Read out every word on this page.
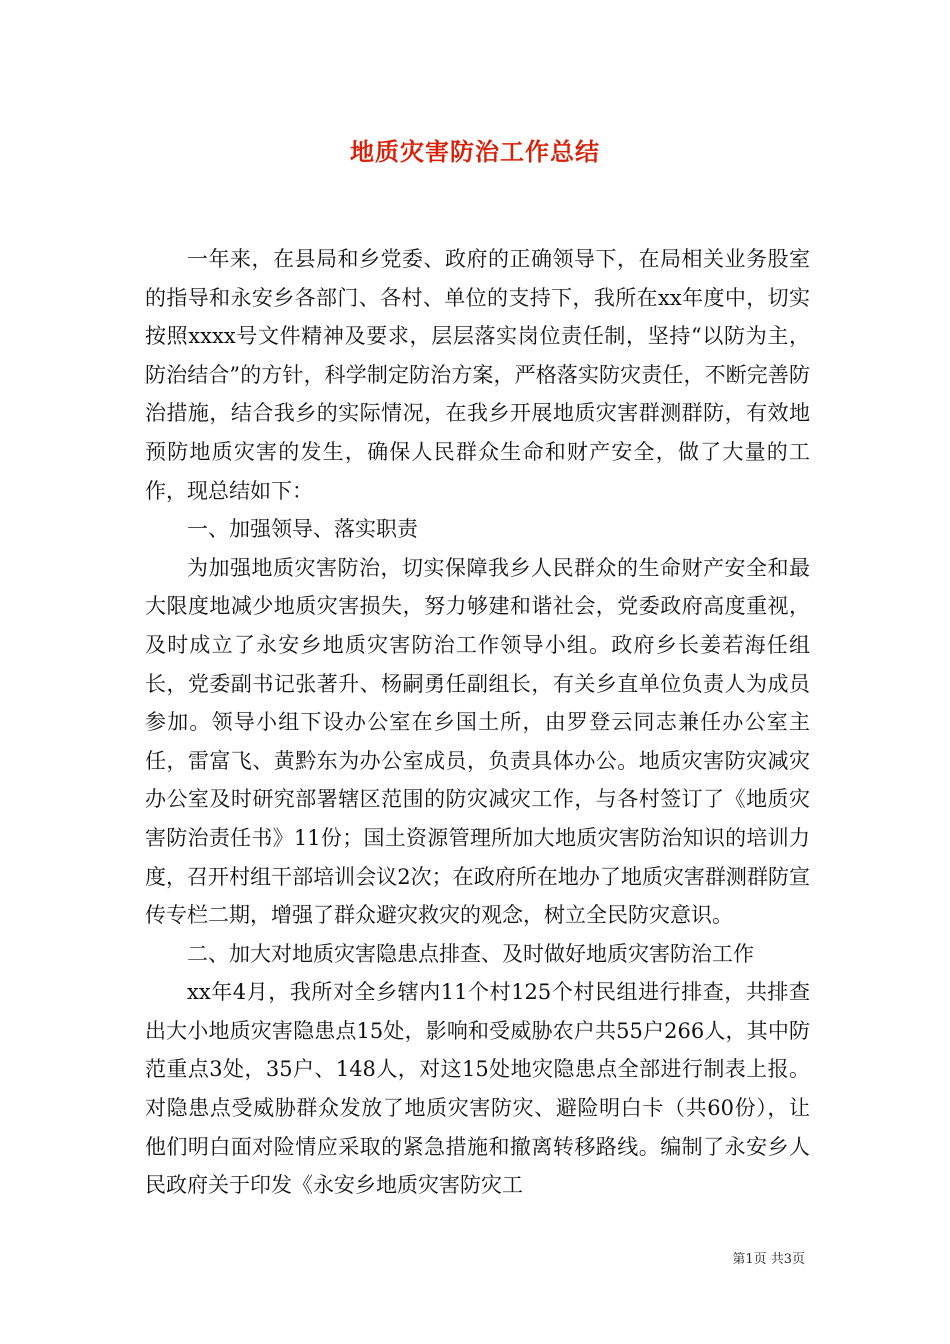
地质灾害防治工作总结

一年来，在县局和乡党委、政府的正确领导下，在局相关业务股室的指导和永安乡各部门、各村、单位的支持下，我所在xx年度中，切实按照xxxx号文件精神及要求，层层落实岗位责任制，坚持“以防为主，防治结合”的方针，科学制定防治方案，严格落实防灾责任，不断完善防治措施，结合我乡的实际情况，在我乡开展地质灾害群测群防，有效地预防地质灾害的发生，确保人民群众生命和财产安全，做了大量的工作，现总结如下：

一、加强领导、落实职责

为加强地质灾害防治，切实保障我乡人民群众的生命财产安全和最大限度地减少地质灾害损失，努力够建和谐社会，党委政府高度重视，及时成立了永安乡地质灾害防治工作领导小组。政府乡长姜若海任组长，党委副书记张著升、杨嗣勇任副组长，有关乡直单位负责人为成员参加。领导小组下设办公室在乡国土所，由罗登云同志兼任办公室主任，雷富飞、黄黔东为办公室成员，负责具体办公。地质灾害防灾减灾办公室及时研究部署辖区范围的防灾减灾工作，与各村签订了《地质灾害防治责任书》11份；国土资源管理所加大地质灾害防治知识的培训力度，召开村组干部培训会议2次；在政府所在地办了地质灾害群测群防宣传专栏二期，增强了群众避灾救灾的观念，树立全民防灾意识。

二、加大对地质灾害隐患点排查、及时做好地质灾害防治工作

xx年4月，我所对全乡辖内11个村125个村民组进行排查，共排查出大小地质灾害隐患点15处，影响和受威胁农户共55户266人，其中防范重点3处，35户、148人，对这15处地灾隐患点全部进行制表上报。对隐患点受威胁群众发放了地质灾害防灾、避险明白卡（共60份），让他们明白面对险情应采取的紧急措施和撤离转移路线。编制了永安乡人民政府关于印发《永安乡地质灾害防灾工

第1页 共3页
